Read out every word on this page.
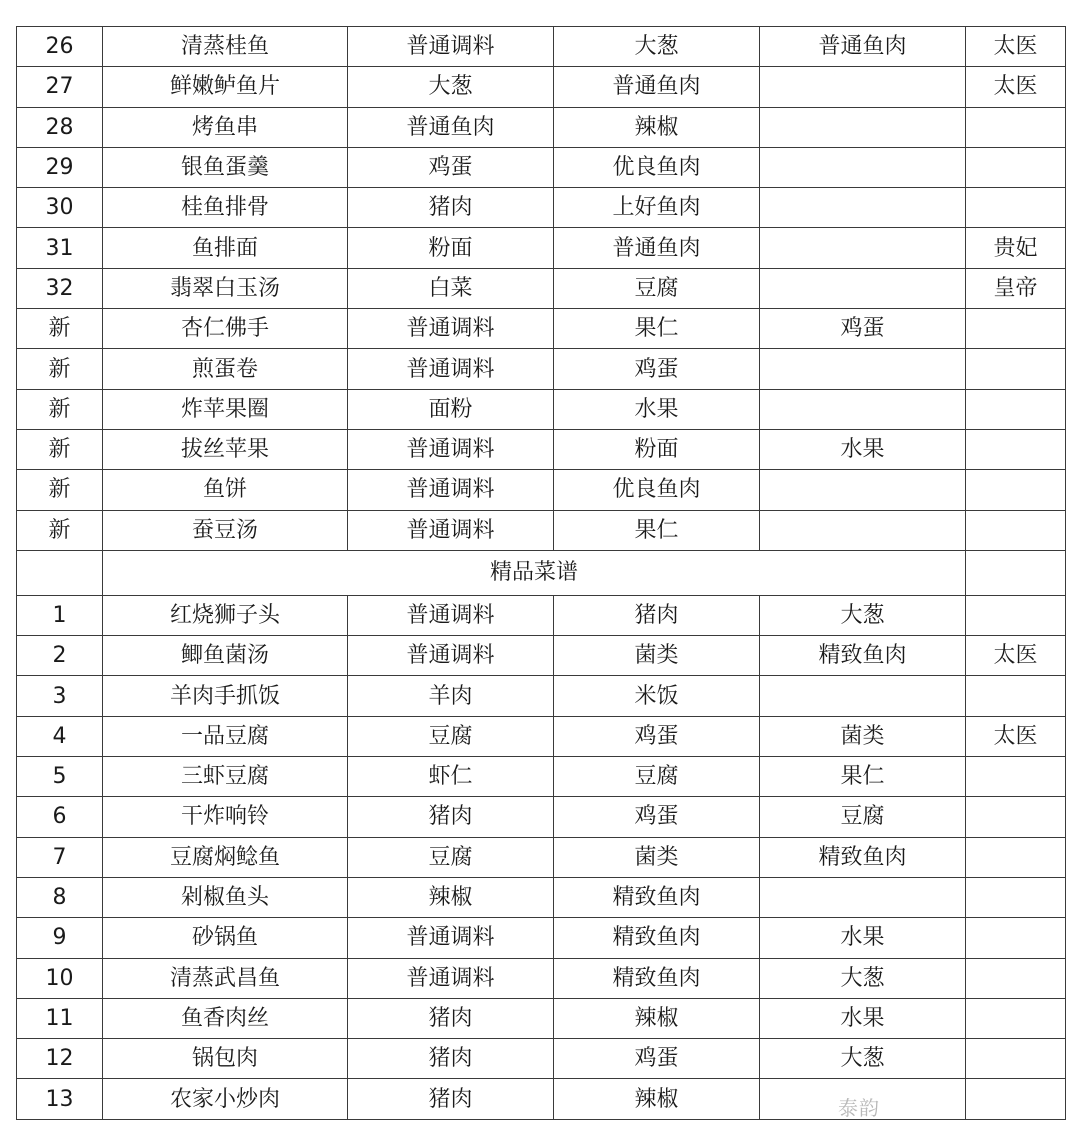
26	清蒸桂鱼	普通调料	大葱	普通鱼肉	太医
27	鲜嫩鲈鱼片	大葱	普通鱼肉		太医
28	烤鱼串	普通鱼肉	辣椒		
29	银鱼蛋羹	鸡蛋	优良鱼肉		
30	桂鱼排骨	猪肉	上好鱼肉		
31	鱼排面	粉面	普通鱼肉		贵妃
32	翡翠白玉汤	白菜	豆腐		皇帝
新	杏仁佛手	普通调料	果仁	鸡蛋	
新	煎蛋卷	普通调料	鸡蛋		
新	炸苹果圈	面粉	水果		
新	拔丝苹果	普通调料	粉面	水果	
新	鱼饼	普通调料	优良鱼肉		
新	蚕豆汤	普通调料	果仁		
	精品菜谱				
1	红烧狮子头	普通调料	猪肉	大葱	
2	鲫鱼菌汤	普通调料	菌类	精致鱼肉	太医
3	羊肉手抓饭	羊肉	米饭		
4	一品豆腐	豆腐	鸡蛋	菌类	太医
5	三虾豆腐	虾仁	豆腐	果仁	
6	干炸响铃	猪肉	鸡蛋	豆腐	
7	豆腐焖鲶鱼	豆腐	菌类	精致鱼肉	
8	剁椒鱼头	辣椒	精致鱼肉		
9	砂锅鱼	普通调料	精致鱼肉	水果	
10	清蒸武昌鱼	普通调料	精致鱼肉	大葱	
11	鱼香肉丝	猪肉	辣椒	水果	
12	锅包肉	猪肉	鸡蛋	大葱	
13	农家小炒肉	猪肉	辣椒			泰韵
